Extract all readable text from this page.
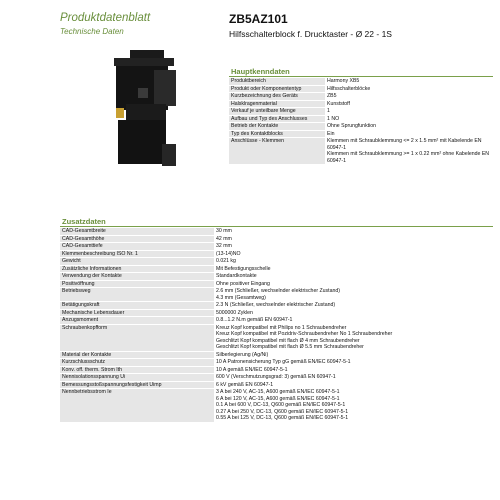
Produktdatenblatt
Technische Daten
ZB5AZ101
Hilfsschalterblock f. Drucktaster - Ø 22 - 1S
Hauptkenndaten
Produktbereich	Harmony XB5

Produkt oder Komponententyp	Hilfsschalterblöcke

Kurzbezeichnung des Geräts	ZB5

Halsklragenmaterial	Kunststoff

Verkauf je unteilbare Menge	1

Aufbau und Typ des Anschlusses	1 NO

Betrieb der Kontakte	Ohne Sprungfunktion

Typ des Kontaktblocks	Ein

Anschlüsse - Klemmen	Klemmen mit Schraubklemmung <= 2 x 1.5 mm² mit Kabelende EN 60947-1
Klemmen mit Schraubklemmung >= 1 x 0.22 mm² ohne Kabelende EN 60947-1
Zusatzdaten
CAD-Gesamtbreite	30 mm

CAD-Gesamthöhe	42 mm

CAD-Gesamttiefe	32 mm

Klemmenbeschreibung ISO Nr. 1	(13-14)NO

Gewicht	0.021 kg

Zusätzliche Informationen	Mit Befestigungsschelle

Verwendung der Kontakte	Standardkontakte

Positivöffnung	Ohne positiver Eingang

Betriebsweg	2.6 mm (Schließer, wechselnder elektrischer Zustand)
4.3 mm (Gesamtweg)

Betätigungskraft	2.3 N (Schließer, wechselnder elektrischer Zustand)

Mechanische Lebensdauer	5000000 Zyklen

Anzugsmoment	0.8...1.2 N.m gemäß EN 60947-1

Schraubenkopfform	Kreuz Kopf kompatibel mit Philips no 1 Schraubendreher
Kreuz Kopf kompatibel mit Pozidriv-Schraubendreher No 1 Schraubendreher
Geschlitzt Kopf kompatibel mit flach Ø 4 mm Schraubendreher
Geschlitzt Kopf kompatibel mit flach Ø 5.5 mm Schraubendreher

Material der Kontakte	Silberlegierung (Ag/Ni)

Kurzschlussschutz	10 A Patronensicherung Typ gG gemäß EN/IEC 60947-5-1

Konv. off. therm. Strom Ith	10 A gemäß EN/IEC 60947-5-1

Nennisolationsspannung Ui	600 V (Verschmutzungsgrad: 3) gemäß EN 60947-1

Bemessungsstoßspannungsfestigkeit Uimp	6 kV gemäß EN 60947-1

Nennbetriebsstrom Ie	3 A bei 240 V, AC-15, A600 gemäß EN/IEC 60947-5-1
6 A bei 120 V, AC-15, A600 gemäß EN/IEC 60947-5-1
0.1 A bei 600 V, DC-13, Q600 gemäß EN/IEC 60947-5-1
0.27 A bei 250 V, DC-13, Q600 gemäß EN/IEC 60947-5-1
0.55 A bei 125 V, DC-13, Q600 gemäß EN/IEC 60947-5-1
